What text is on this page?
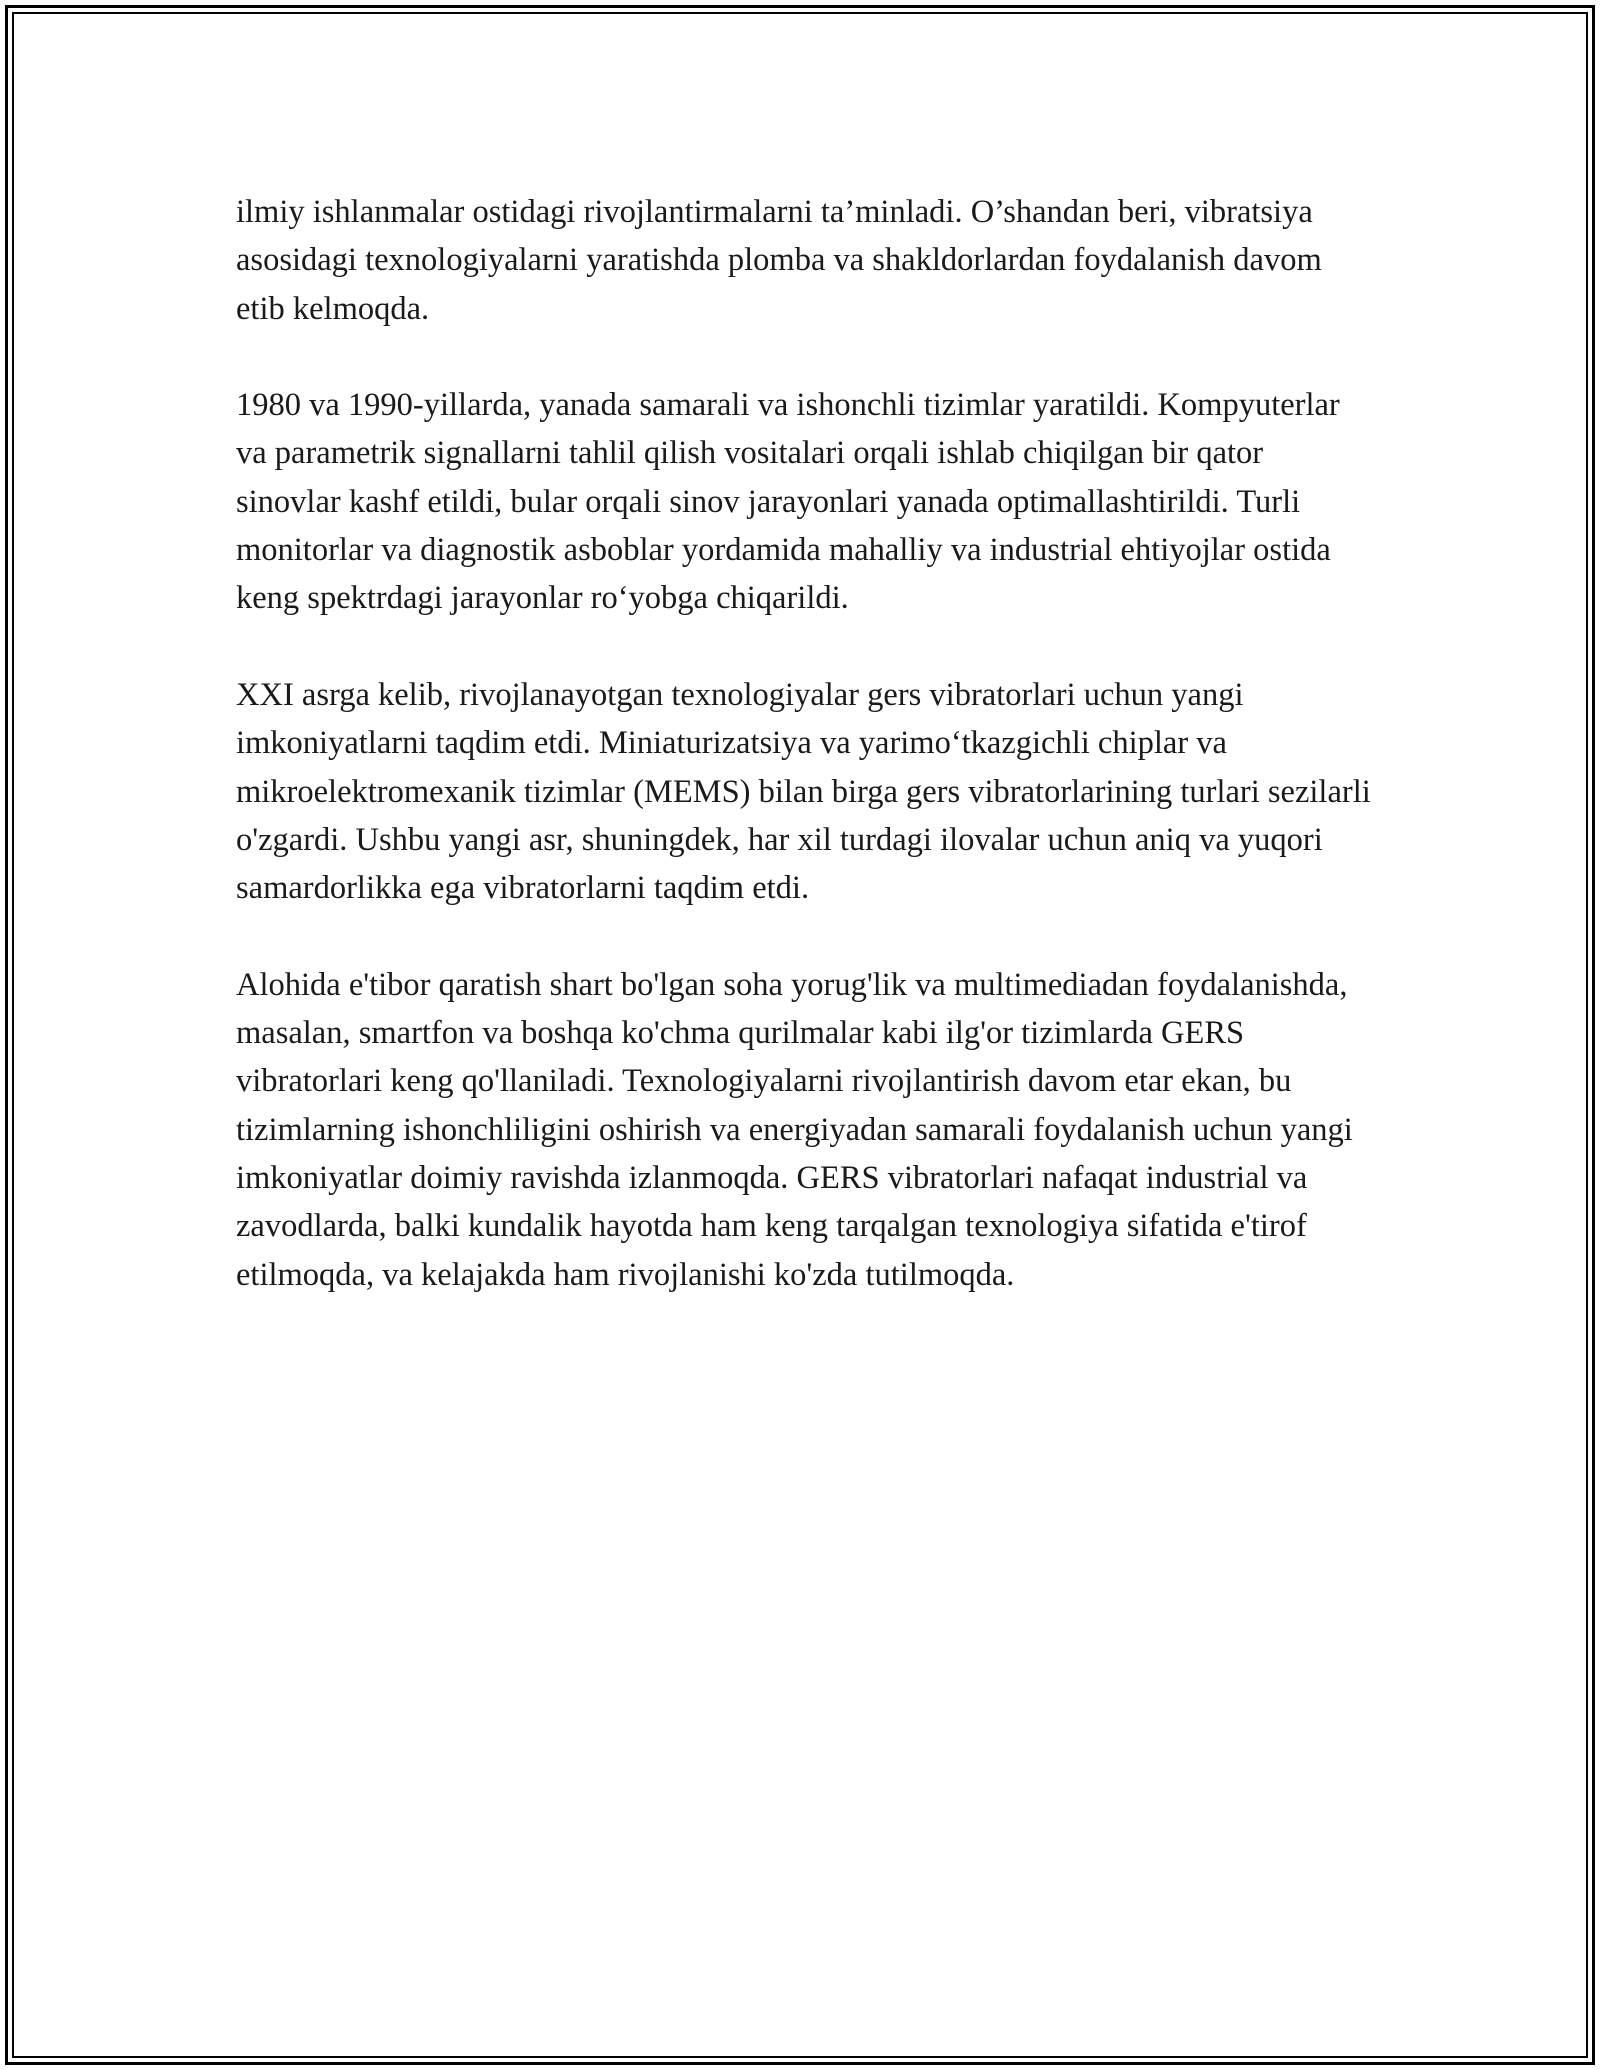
ilmiy ishlanmalar ostidagi rivojlantirmalarni ta’minladi. O’shandan beri, vibratsiya asosidagi texnologiyalarni yaratishda plomba va shakldorlardan foydalanish davom etib kelmoqda.

1980 va 1990-yillarda, yanada samarali va ishonchli tizimlar yaratildi. Kompyuterlar va parametrik signallarni tahlil qilish vositalari orqali ishlab chiqilgan bir qator sinovlar kashf etildi, bular orqali sinov jarayonlari yanada optimallashtirildi. Turli monitorlar va diagnostik asboblar yordamida mahalliy va industrial ehtiyojlar ostida keng spektrdagi jarayonlar ro‘yobga chiqarildi.

XXI asrga kelib, rivojlanayotgan texnologiyalar gers vibratorlari uchun yangi imkoniyatlarni taqdim etdi. Miniaturizatsiya va yarimo‘tkazgichli chiplar va mikroelektromexanik tizimlar (MEMS) bilan birga gers vibratorlarining turlari sezilarli o'zgardi. Ushbu yangi asr, shuningdek, har xil turdagi ilovalar uchun aniq va yuqori samardorlikka ega vibratorlarni taqdim etdi.

Alohida e'tibor qaratish shart bo'lgan soha yorug'lik va multimediadan foydalanishda, masalan, smartfon va boshqa ko'chma qurilmalar kabi ilg'or tizimlarda GERS vibratorlari keng qo'llaniladi. Texnologiyalarni rivojlantirish davom etar ekan, bu tizimlarning ishonchliligini oshirish va energiyadan samarali foydalanish uchun yangi imkoniyatlar doimiy ravishda izlanmoqda. GERS vibratorlari nafaqat industrial va zavodlarda, balki kundalik hayotda ham keng tarqalgan texnologiya sifatida e'tirof etilmoqda, va kelajakda ham rivojlanishi ko'zda tutilmoqda.
